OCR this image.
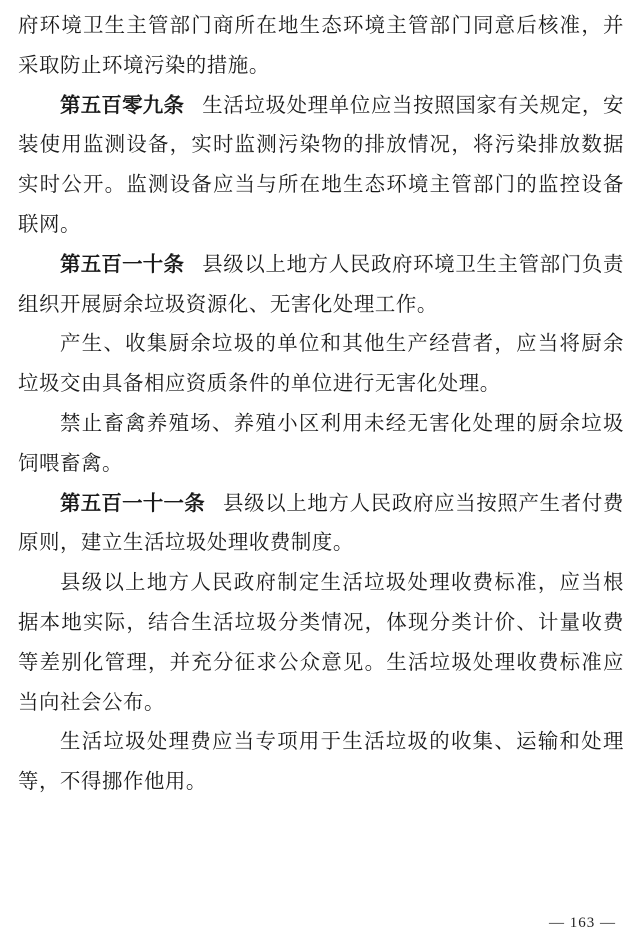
府环境卫生主管部门商所在地生态环境主管部门同意后核准，并采取防止环境污染的措施。

第五百零九条 生活垃圾处理单位应当按照国家有关规定，安装使用监测设备，实时监测污染物的排放情况，将污染排放数据实时公开。监测设备应当与所在地生态环境主管部门的监控设备联网。

第五百一十条 县级以上地方人民政府环境卫生主管部门负责组织开展厨余垃圾资源化、无害化处理工作。

产生、收集厨余垃圾的单位和其他生产经营者，应当将厨余垃圾交由具备相应资质条件的单位进行无害化处理。

禁止畜禽养殖场、养殖小区利用未经无害化处理的厨余垃圾饲喂畜禽。

第五百一十一条 县级以上地方人民政府应当按照产生者付费原则，建立生活垃圾处理收费制度。

县级以上地方人民政府制定生活垃圾处理收费标准，应当根据本地实际，结合生活垃圾分类情况，体现分类计价、计量收费等差别化管理，并充分征求公众意见。生活垃圾处理收费标准应当向社会公布。

生活垃圾处理费应当专项用于生活垃圾的收集、运输和处理等，不得挪作他用。

— 163 —
